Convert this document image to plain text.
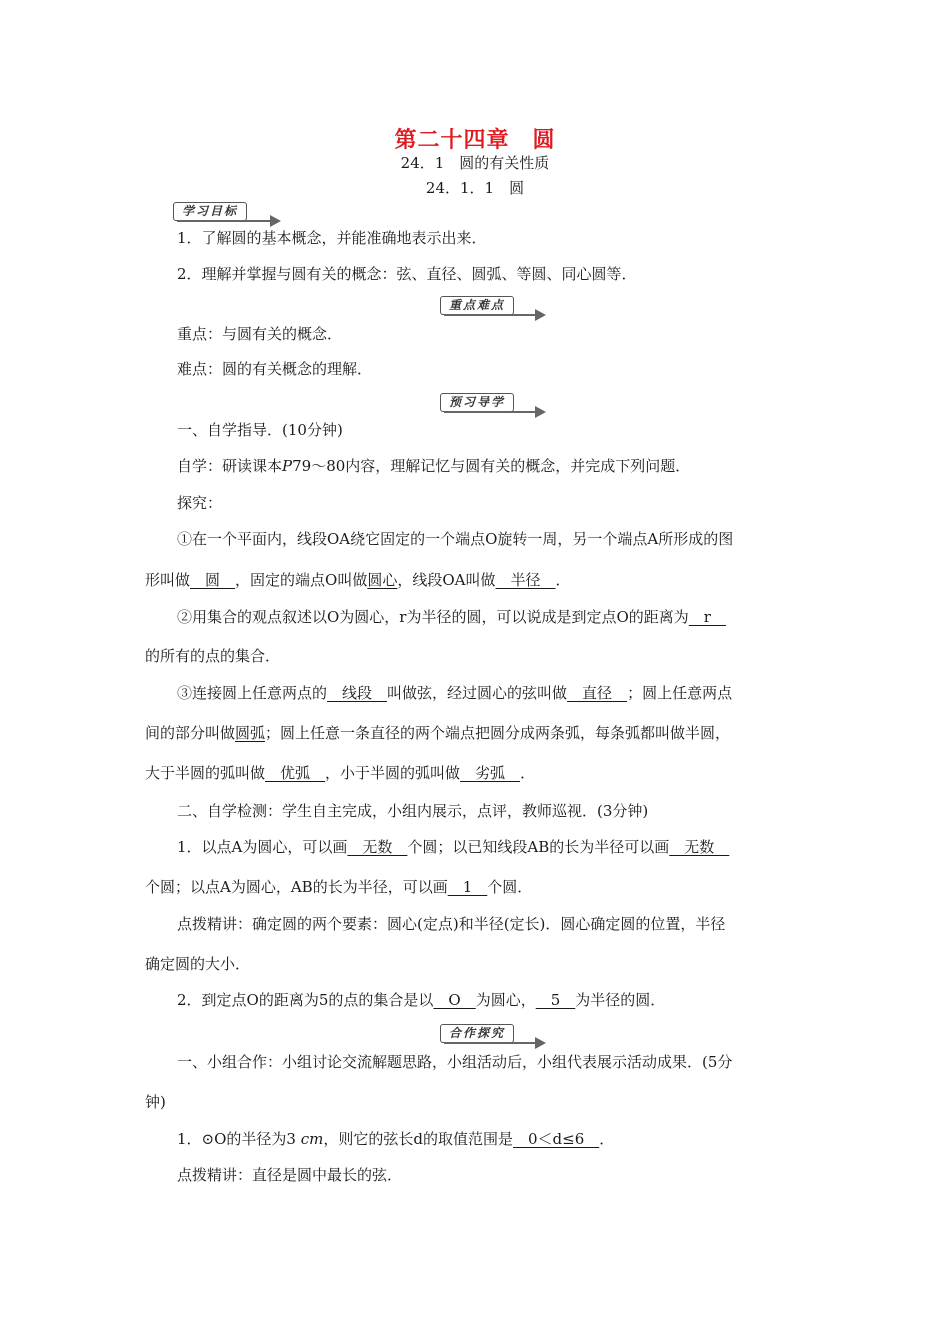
第二十四章　圆
24．1　圆的有关性质
24．1．1　圆
学习目标
1．了解圆的基本概念，并能准确地表示出来．
2．理解并掌握与圆有关的概念：弦、直径、圆弧、等圆、同心圆等．
重点难点
重点：与圆有关的概念．
难点：圆的有关概念的理解．
预习导学
一、自学指导．(10分钟)
自学：研读课本P79～80内容，理解记忆与圆有关的概念，并完成下列问题．
探究：
①在一个平面内，线段OA绕它固定的一个端点O旋转一周，另一个端点A所形成的图
形叫做　圆　，固定的端点O叫做圆心，线段OA叫做　半径　．
②用集合的观点叙述以O为圆心，r为半径的圆，可以说成是到定点O的距离为　r　
的所有的点的集合．
③连接圆上任意两点的　线段　叫做弦，经过圆心的弦叫做　直径　；圆上任意两点
间的部分叫做圆弧；圆上任意一条直径的两个端点把圆分成两条弧，每条弧都叫做半圆，
大于半圆的弧叫做　优弧　，小于半圆的弧叫做　劣弧　．
二、自学检测：学生自主完成，小组内展示，点评，教师巡视．(3分钟)
1．以点A为圆心，可以画　无数　个圆；以已知线段AB的长为半径可以画　无数　
个圆；以点A为圆心，AB的长为半径，可以画　1　个圆．
点拨精讲：确定圆的两个要素：圆心(定点)和半径(定长)．圆心确定圆的位置，半径
确定圆的大小．
2．到定点O的距离为5的点的集合是以　O　为圆心，　5　为半径的圆．
合作探究
一、小组合作：小组讨论交流解题思路，小组活动后，小组代表展示活动成果．(5分
钟)
1．⊙O的半径为3 cm，则它的弦长d的取值范围是　0＜d≤6　．
点拨精讲：直径是圆中最长的弦．
